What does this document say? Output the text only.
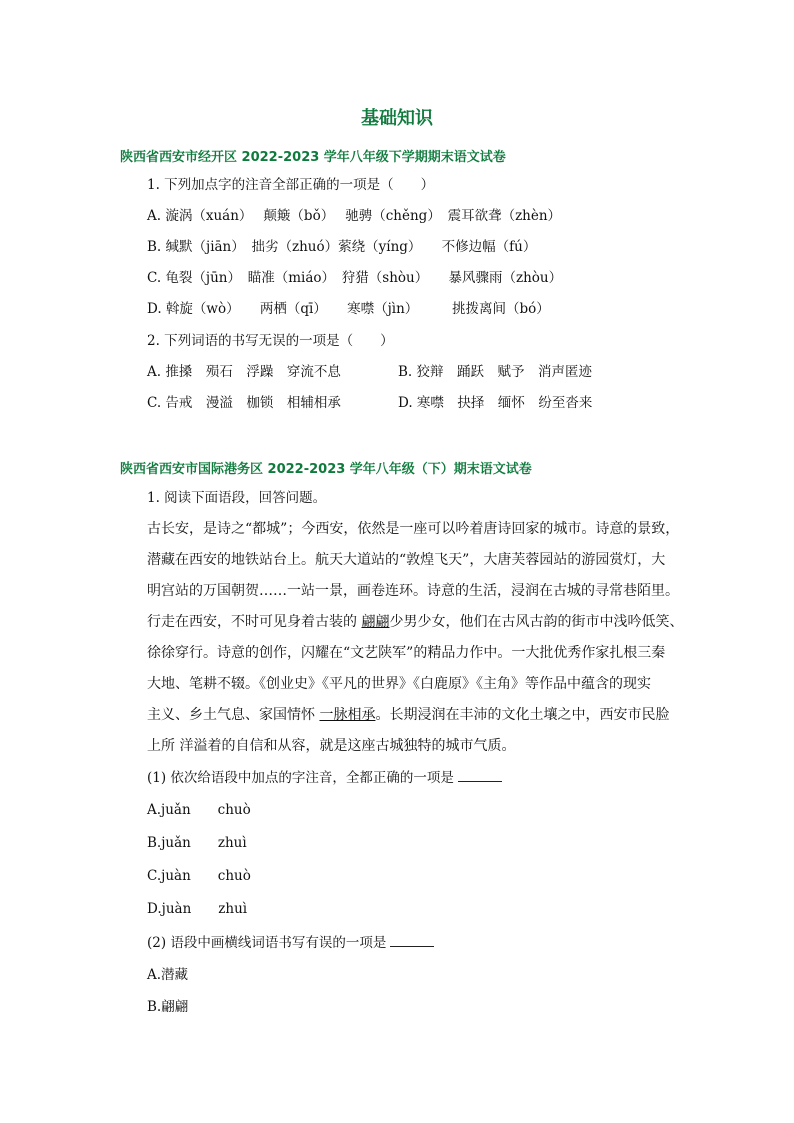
基础知识
陕西省西安市经开区 2022-2023 学年八年级下学期期末语文试卷
1. 下列加点字的注音全部正确的一项是（　　）
A. 漩涡（xuán）　 颠簸（bǒ）　 驰骋（chěng）　震耳欲聋（zhèn）
B. 缄默（jiān）　拙劣（zhuó）萦绕（yíng）　　不修边幅（fú）
C. 龟裂（jūn）　瞄准（miáo）　狩猎（shòu）　　暴风骤雨（zhòu）
D. 斡旋（wò）　　两栖（qī）　　寒噤（jìn）　　　挑拨离间（bó）
2. 下列词语的书写无误的一项是（　　）
A. 推搡　殒石　浮躁　穿流不息	B. 狡辩　踊跃　赋予　消声匿迹
C. 告戒　漫溢　枷锁　相辅相承	D. 寒噤　抉择　缅怀　纷至沓来
陕西省西安市国际港务区 2022-2023 学年八年级（下）期末语文试卷
1. 阅读下面语段，回答问题。
古长安，是诗之“都城”；今西安，依然是一座可以吟着唐诗回家的城市。诗意的景致，
潜藏在西安的地铁站台上。航天大道站的“敦煌飞天”，大唐芙蓉园站的游园赏灯，大
明宫站的万国朝贺……一站一景，画卷连环。诗意的生活，浸润在古城的寻常巷陌里。
行走在西安，不时可见身着古装的 翩翩少男少女，他们在古风古韵的街市中浅吟低笑、
徐徐穿行。诗意的创作，闪耀在“文艺陕军”的精品力作中。一大批优秀作家扎根三秦
大地、笔耕不辍。《创业史》《平凡的世界》《白鹿原》《主角》等作品中蕴含的现实
主义、乡土气息、家国情怀 一脉相承。长期浸润在丰沛的文化土壤之中，西安市民脸
上所 洋溢着的自信和从容，就是这座古城独特的城市气质。
(1) 依次给语段中加点的字注音，全都正确的一项是
A.juǎn　　chuò
B.juǎn　　zhuì
C.juàn　　chuò
D.juàn　　zhuì
(2) 语段中画横线词语书写有误的一项是
A.潜藏
B.翩翩
